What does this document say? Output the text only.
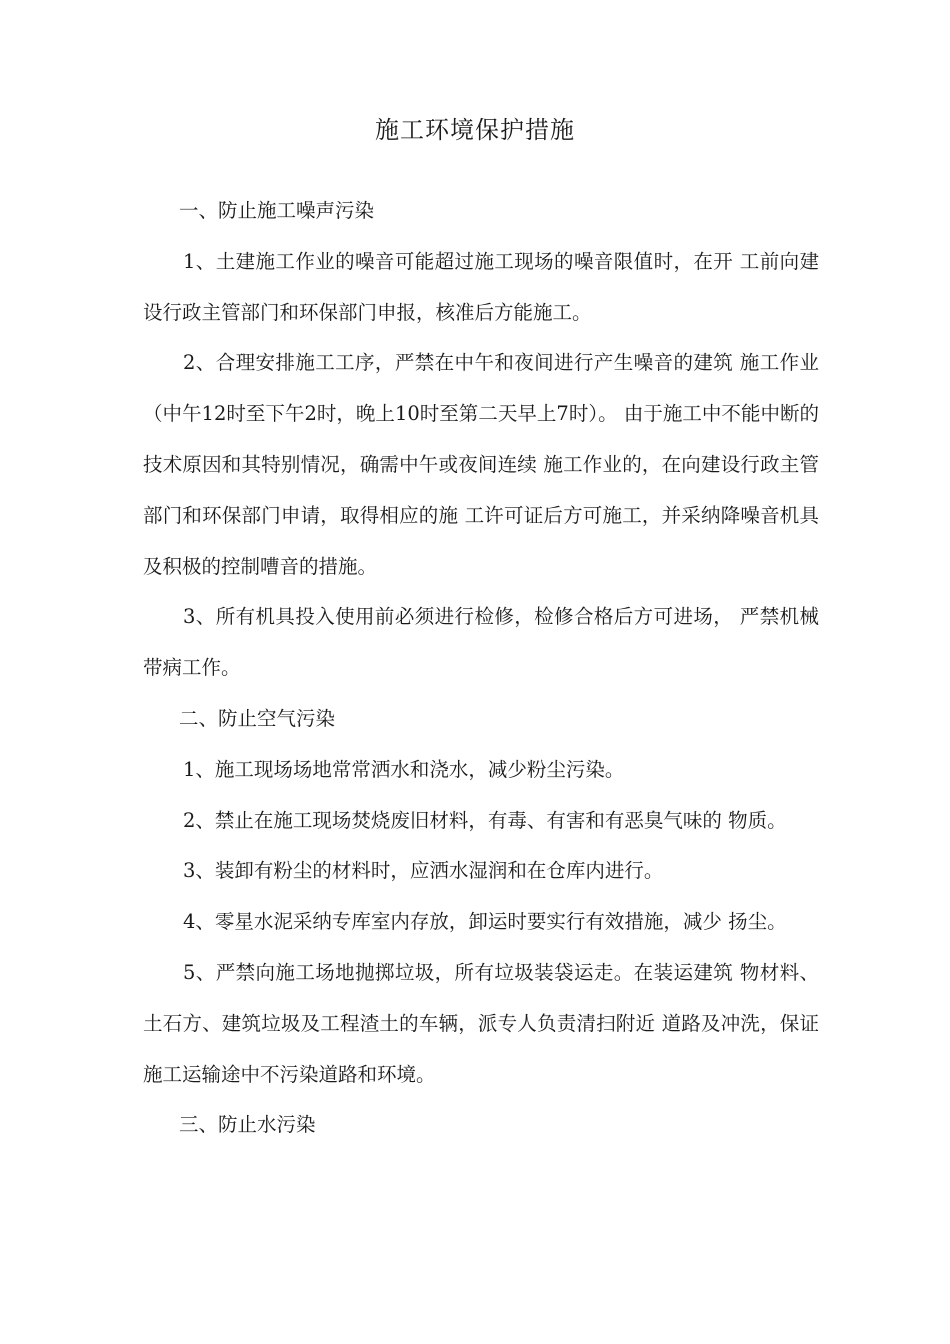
施工环境保护措施

一、防止施工噪声污染

1、土建施工作业的噪音可能超过施工现场的噪音限值时，在开 工前向建设行政主管部门和环保部门申报，核准后方能施工。

2、合理安排施工工序，严禁在中午和夜间进行产生噪音的建筑 施工作业（中午12时至下午2时，晚上10时至第二天早上7时）。 由于施工中不能中断的技术原因和其特别情况，确需中午或夜间连续 施工作业的，在向建设行政主管部门和环保部门申请，取得相应的施 工许可证后方可施工，并采纳降噪音机具及积极的控制嘈音的措施。

3、所有机具投入使用前必须进行检修，检修合格后方可进场， 严禁机械带病工作。

二、防止空气污染

1、施工现场场地常常洒水和浇水，减少粉尘污染。

2、禁止在施工现场焚烧废旧材料，有毒、有害和有恶臭气味的 物质。

3、装卸有粉尘的材料时，应洒水湿润和在仓库内进行。

4、零星水泥采纳专库室内存放，卸运时要实行有效措施，减少 扬尘。

5、严禁向施工场地抛掷垃圾，所有垃圾装袋运走。在装运建筑 物材料、土石方、建筑垃圾及工程渣土的车辆，派专人负责清扫附近 道路及冲洗，保证施工运输途中不污染道路和环境。

三、防止水污染
